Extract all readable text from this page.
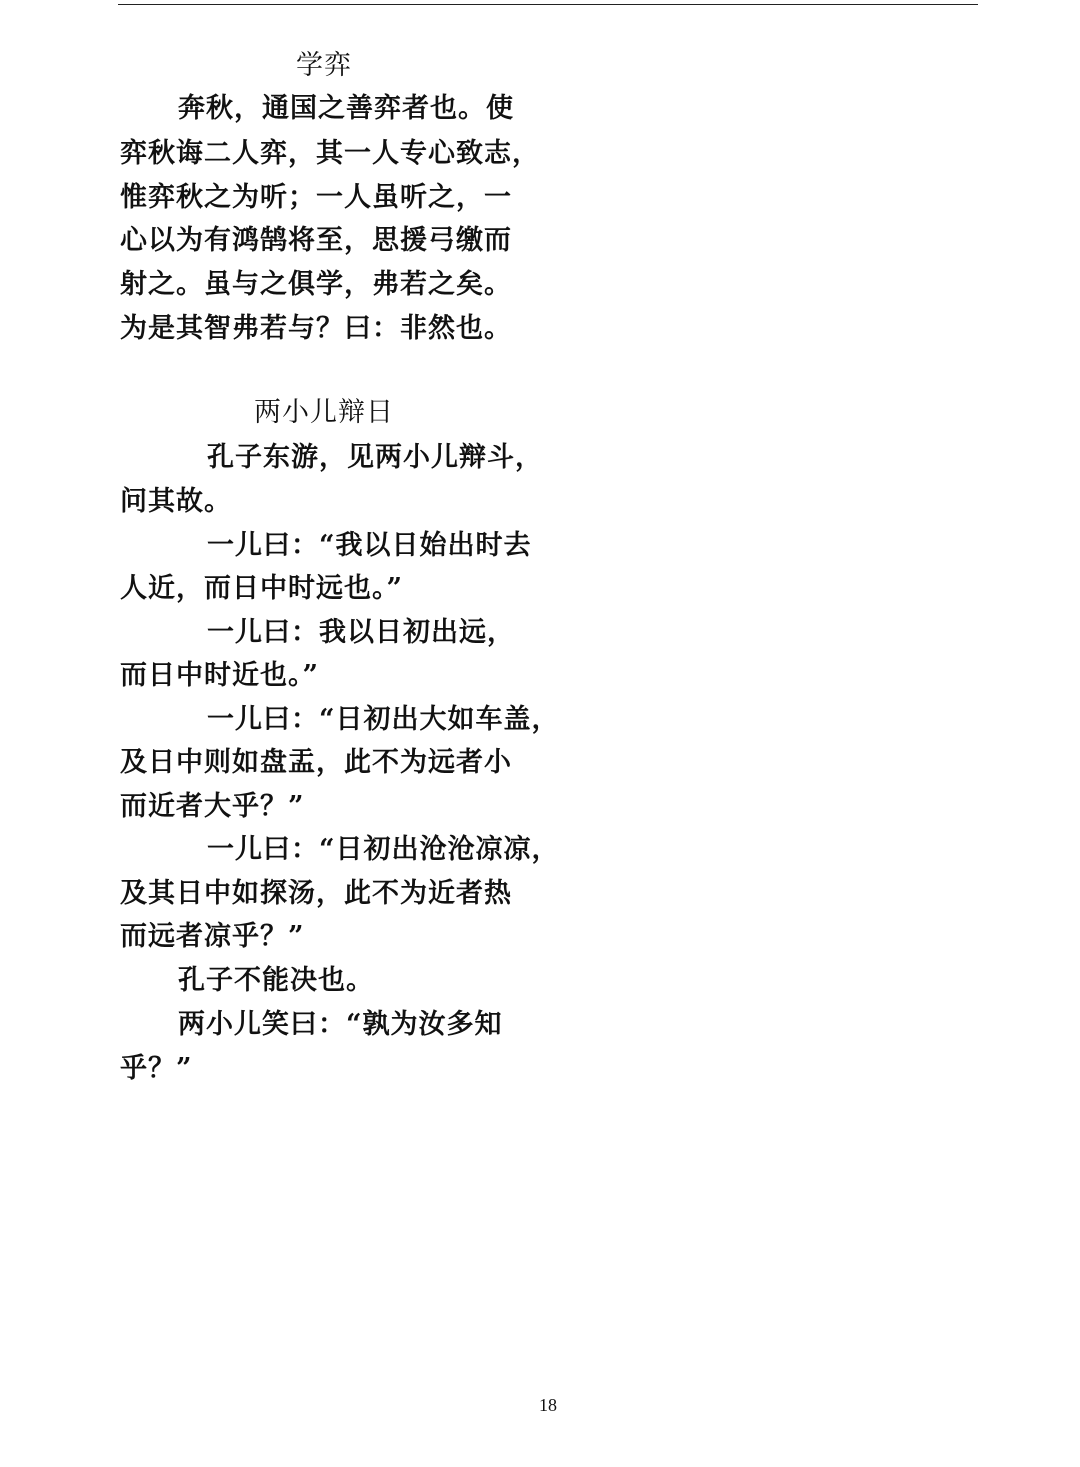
学弈
奔秋，通国之善弈者也。使
弈秋诲二人弈，其一人专心致志，
惟弈秋之为听；一人虽听之，一
心以为有鸿鹄将至，思援弓缴而
射之。虽与之俱学，弗若之矣。
为是其智弗若与？曰：非然也。
两小儿辩日
孔子东游，见两小儿辩斗，
问其故。
一儿曰：“我以日始出时去
人近，而日中时远也。”
一儿曰：我以日初出远，
而日中时近也。”
一儿曰：“日初出大如车盖，
及日中则如盘盂，此不为远者小
而近者大乎？”
一儿曰：“日初出沧沧凉凉，
及其日中如探汤，此不为近者热
而远者凉乎？”
孔子不能决也。
两小儿笑曰：“孰为汝多知
乎？”
18
